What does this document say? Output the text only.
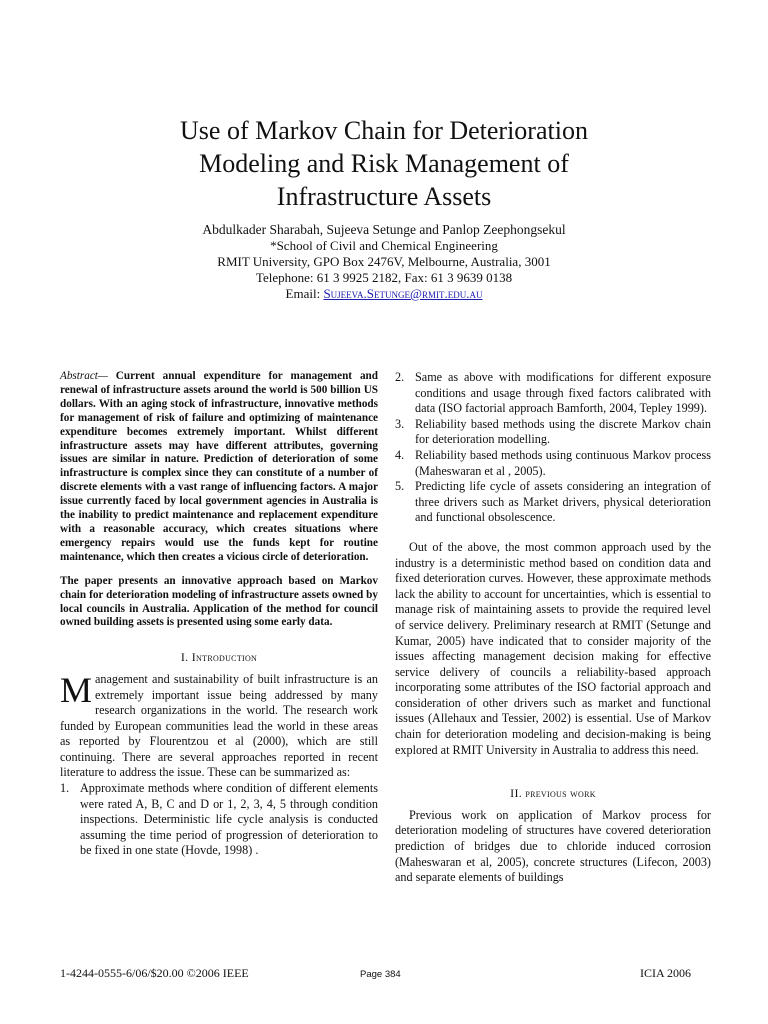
Use of Markov Chain for Deterioration
Modeling and Risk Management of
Infrastructure Assets
Abdulkader Sharabah, Sujeeva Setunge and Panlop Zeephongsekul
*School of Civil and Chemical Engineering
RMIT University, GPO Box 2476V, Melbourne, Australia, 3001
Telephone: 61 3 9925 2182, Fax: 61 3 9639 0138
Email: Sujeeva.Setunge@rmit.edu.au

Abstract— Current annual expenditure for management and renewal of infrastructure assets around the world is 500 billion US dollars. With an aging stock of infrastructure, innovative methods for management of risk of failure and optimizing of maintenance expenditure becomes extremely important. Whilst different infrastructure assets may have different attributes, governing issues are similar in nature. Prediction of deterioration of some infrastructure is complex since they can constitute of a number of discrete elements with a vast range of influencing factors. A major issue currently faced by local government agencies in Australia is the inability to predict maintenance and replacement expenditure with a reasonable accuracy, which creates situations where emergency repairs would use the funds kept for routine maintenance, which then creates a vicious circle of deterioration.

The paper presents an innovative approach based on Markov chain for deterioration modeling of infrastructure assets owned by local councils in Australia. Application of the method for council owned building assets is presented using some early data.

I. Introduction

Management and sustainability of built infrastructure is an extremely important issue being addressed by many research organizations in the world. The research work funded by European communities lead the world in these areas as reported by Flourentzou et al (2000), which are still continuing. There are several approaches reported in recent literature to address the issue. These can be summarized as:

1. Approximate methods where condition of different elements were rated A, B, C and D or 1, 2, 3, 4, 5 through condition inspections. Deterministic life cycle analysis is conducted assuming the time period of progression of deterioration to be fixed in one state (Hovde, 1998) .
2. Same as above with modifications for different exposure conditions and usage through fixed factors calibrated with data (ISO factorial approach Bamforth, 2004, Tepley 1999).
3. Reliability based methods using the discrete Markov chain for deterioration modelling.
4. Reliability based methods using continuous Markov process (Maheswaran et al , 2005).
5. Predicting life cycle of assets considering an integration of three drivers such as Market drivers, physical deterioration and functional obsolescence.

Out of the above, the most common approach used by the industry is a deterministic method based on condition data and fixed deterioration curves. However, these approximate methods lack the ability to account for uncertainties, which is essential to manage risk of maintaining assets to provide the required level of service delivery. Preliminary research at RMIT (Setunge and Kumar, 2005) have indicated that to consider majority of the issues affecting management decision making for effective service delivery of councils a reliability-based approach incorporating some attributes of the ISO factorial approach and consideration of other drivers such as market and functional issues (Allehaux and Tessier, 2002) is essential. Use of Markov chain for deterioration modeling and decision-making is being explored at RMIT University in Australia to address this need.

II. previous work

Previous work on application of Markov process for deterioration modeling of structures have covered deterioration prediction of bridges due to chloride induced corrosion (Maheswaran et al, 2005), concrete structures (Lifecon, 2003) and separate elements of buildings

1-4244-0555-6/06/$20.00 ©2006 IEEE	Page 384	ICIA 2006
